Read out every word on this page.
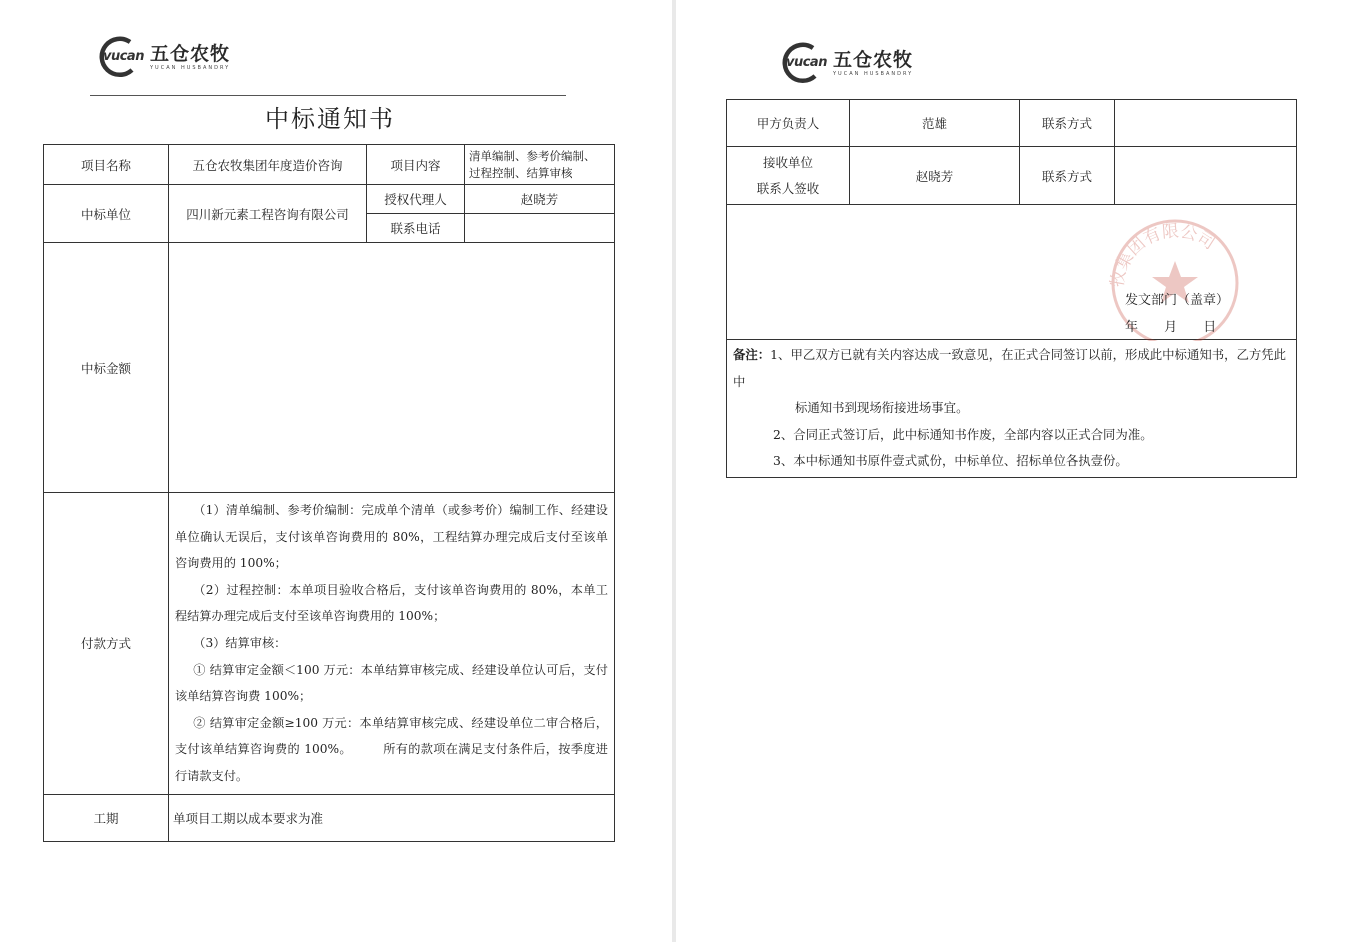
vucan 五仓农牧
YUCAN HUSBANDRY
中标通知书
项目名称	五仓农牧集团年度造价咨询	项目内容	清单编制、参考价编制、
过程控制、结算审核

中标单位	四川新元素工程咨询有限公司	授权代理人	赵晓芳
		联系电话	
中标金额			
付款方式	（1）清单编制、参考价编制：完成单个清单（或参考价）编制工作、经建设单位确认无误后，支付该单咨询费用的 80%，工程结算办理完成后支付至该单咨询费用的 100%；

（2）过程控制：本单项目验收合格后，支付该单咨询费用的 80%，本单工程结算办理完成后支付至该单咨询费用的 100%；

（3）结算审核：

① 结算审定金额＜100 万元：本单结算审核完成、经建设单位认可后，支付该单结算咨询费 100%；

② 结算审定金额≥100 万元：本单结算审核完成、经建设单位二审合格后，支付该单结算咨询费的 100%。　　　所有的款项在满足支付条件后，按季度进行请款支付。		

工期	单项目工期以成本要求为准		
vucan 五仓农牧
YUCAN HUSBANDRY
甲方负责人	范雄	联系方式	

接收单位
联系人签收	赵晓芳	联系方式	

牧集团有限公司
发文部门（盖章）
年 月 日			

备注：1、甲乙双方已就有关内容达成一致意见，在正式合同签订以前，形成此中标通知书，乙方凭此中

标通知书到现场衔接进场事宜。

2、合同正式签订后，此中标通知书作废，全部内容以正式合同为准。

3、本中标通知书原件壹式贰份，中标单位、招标单位各执壹份。			
